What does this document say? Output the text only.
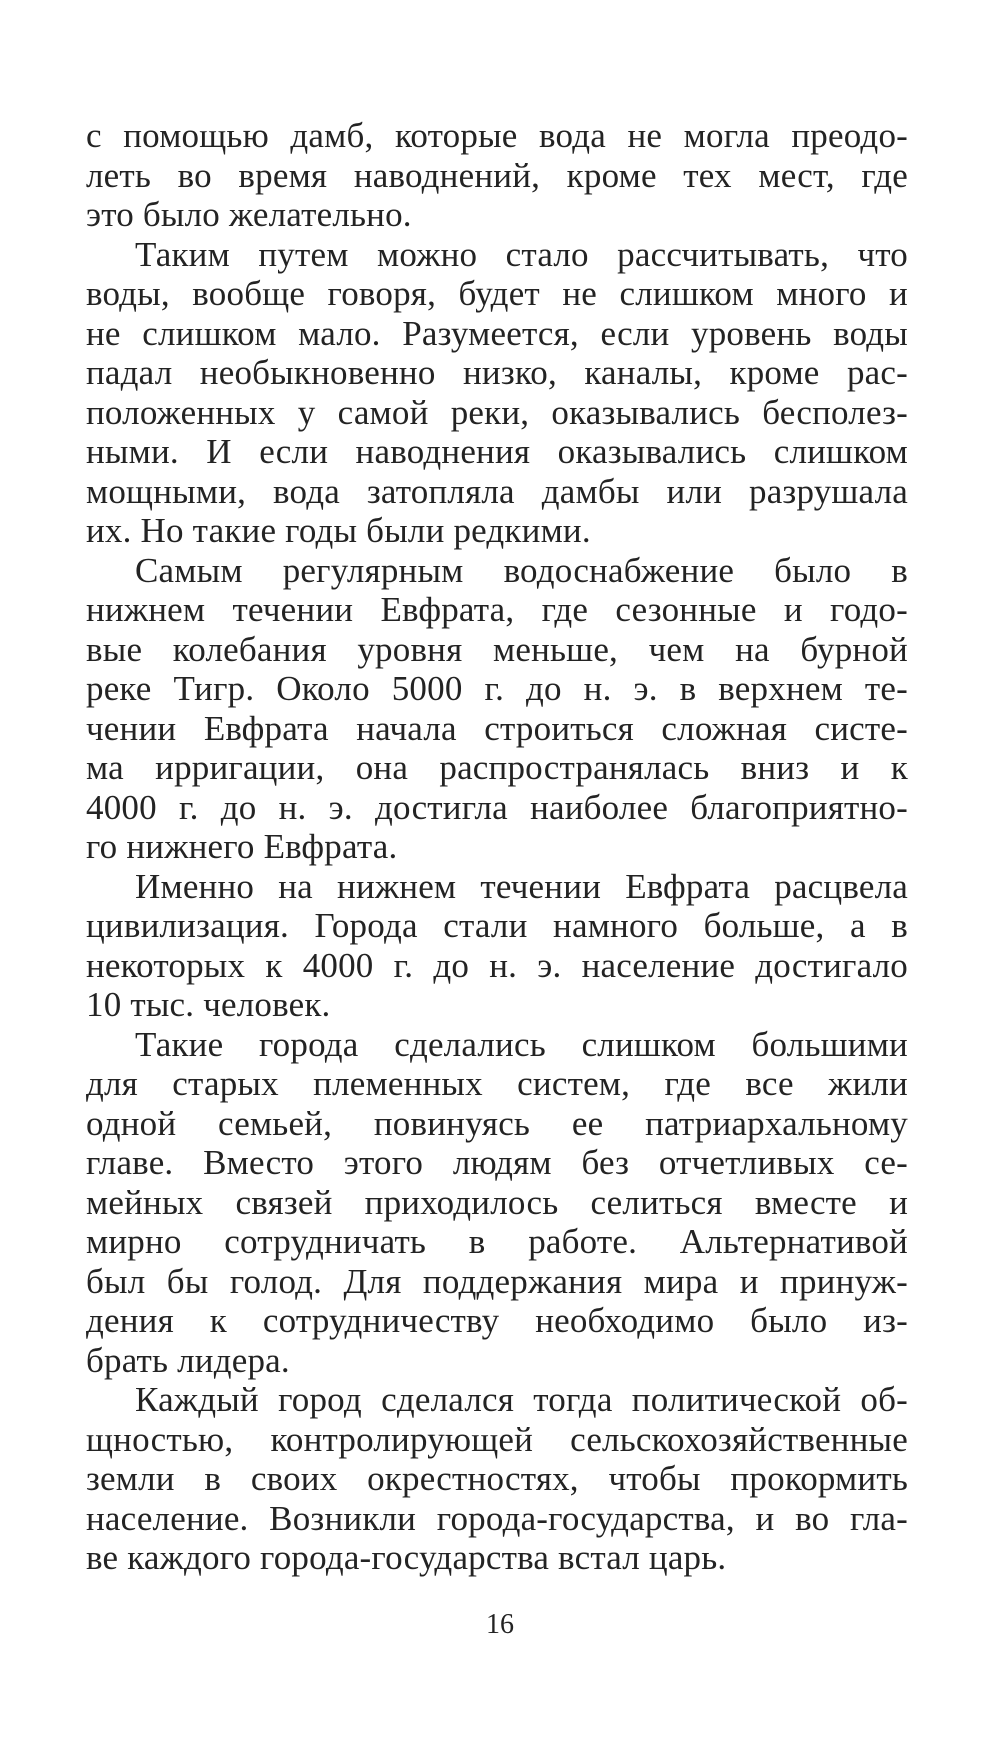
с помощью дамб, которые вода не могла преодо-
леть во время наводнений, кроме тех мест, где
это было желательно.
Таким путем можно стало рассчитывать, что
воды, вообще говоря, будет не слишком много и
не слишком мало. Разумеется, если уровень воды
падал необыкновенно низко, каналы, кроме рас-
положенных у самой реки, оказывались бесполез-
ными. И если наводнения оказывались слишком
мощными, вода затопляла дамбы или разрушала
их. Но такие годы были редкими.
Самым регулярным водоснабжение было в
нижнем течении Евфрата, где сезонные и годо-
вые колебания уровня меньше, чем на бурной
реке Тигр. Около 5000 г. до н. э. в верхнем те-
чении Евфрата начала строиться сложная систе-
ма ирригации, она распространялась вниз и к
4000 г. до н. э. достигла наиболее благоприятно-
го нижнего Евфрата.
Именно на нижнем течении Евфрата расцвела
цивилизация. Города стали намного больше, а в
некоторых к 4000 г. до н. э. население достигало
10 тыс. человек.
Такие города сделались слишком большими
для старых племенных систем, где все жили
одной семьей, повинуясь ее патриархальному
главе. Вместо этого людям без отчетливых се-
мейных связей приходилось селиться вместе и
мирно сотрудничать в работе. Альтернативой
был бы голод. Для поддержания мира и принуж-
дения к сотрудничеству необходимо было из-
брать лидера.
Каждый город сделался тогда политической об-
щностью, контролирующей сельскохозяйственные
земли в своих окрестностях, чтобы прокормить
население. Возникли города-государства, и во гла-
ве каждого города-государства встал царь.
16
